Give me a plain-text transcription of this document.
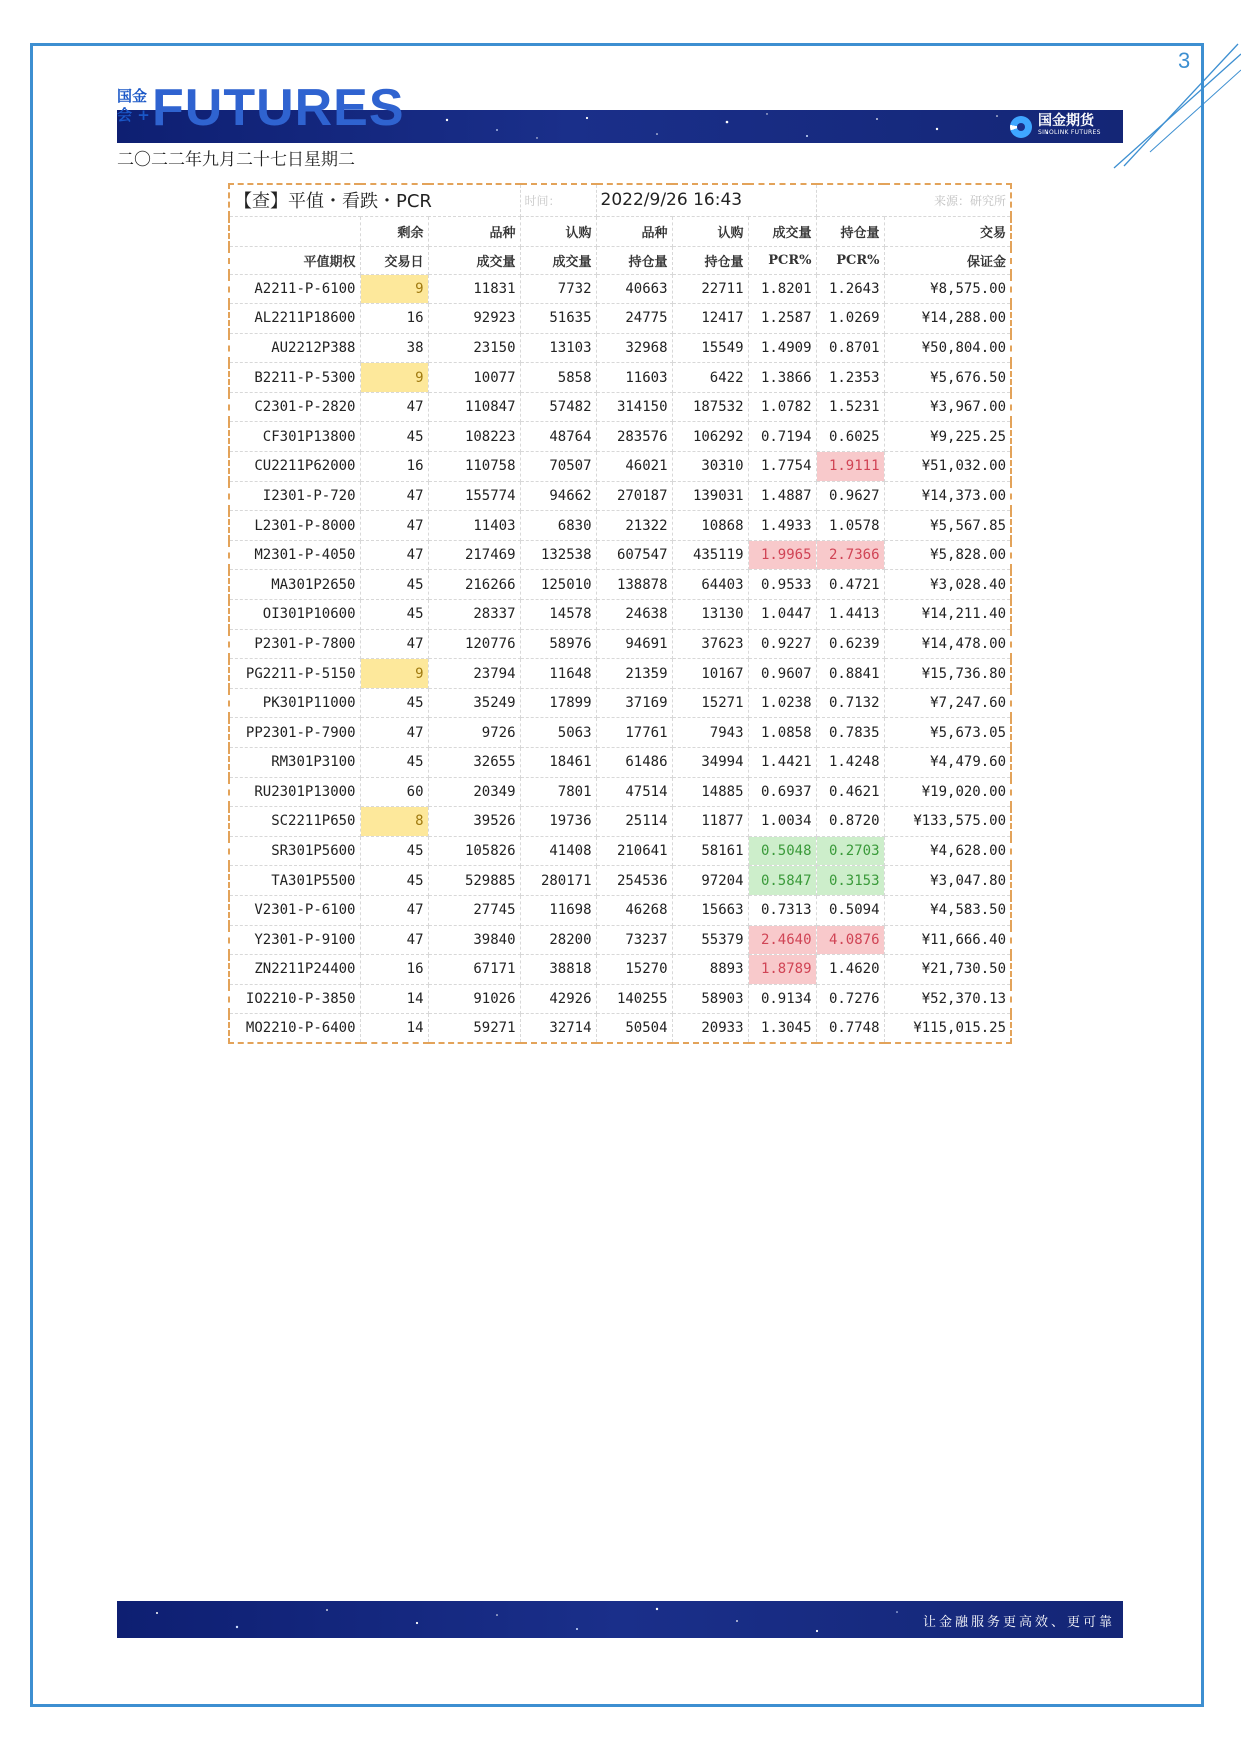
3
国金
会 + FUTURES	国金期货
SINOLINK FUTURES
二〇二二年九月二十七日星期二
【查】平值・看跌・PCR			时间：	2022/9/26 16:43			来源：研究所	
	剩余	品种	认购	品种	认购	成交量	持仓量	交易
平值期权	交易日	成交量	成交量	持仓量	持仓量	PCR%	PCR%	保证金
A2211-P-6100	9	11831	7732	40663	22711	1.8201	1.2643	¥8,575.00
AL2211P18600	16	92923	51635	24775	12417	1.2587	1.0269	¥14,288.00
AU2212P388	38	23150	13103	32968	15549	1.4909	0.8701	¥50,804.00
B2211-P-5300	9	10077	5858	11603	6422	1.3866	1.2353	¥5,676.50
C2301-P-2820	47	110847	57482	314150	187532	1.0782	1.5231	¥3,967.00
CF301P13800	45	108223	48764	283576	106292	0.7194	0.6025	¥9,225.25
CU2211P62000	16	110758	70507	46021	30310	1.7754	1.9111	¥51,032.00
I2301-P-720	47	155774	94662	270187	139031	1.4887	0.9627	¥14,373.00
L2301-P-8000	47	11403	6830	21322	10868	1.4933	1.0578	¥5,567.85
M2301-P-4050	47	217469	132538	607547	435119	1.9965	2.7366	¥5,828.00
MA301P2650	45	216266	125010	138878	64403	0.9533	0.4721	¥3,028.40
OI301P10600	45	28337	14578	24638	13130	1.0447	1.4413	¥14,211.40
P2301-P-7800	47	120776	58976	94691	37623	0.9227	0.6239	¥14,478.00
PG2211-P-5150	9	23794	11648	21359	10167	0.9607	0.8841	¥15,736.80
PK301P11000	45	35249	17899	37169	15271	1.0238	0.7132	¥7,247.60
PP2301-P-7900	47	9726	5063	17761	7943	1.0858	0.7835	¥5,673.05
RM301P3100	45	32655	18461	61486	34994	1.4421	1.4248	¥4,479.60
RU2301P13000	60	20349	7801	47514	14885	0.6937	0.4621	¥19,020.00
SC2211P650	8	39526	19736	25114	11877	1.0034	0.8720	¥133,575.00
SR301P5600	45	105826	41408	210641	58161	0.5048	0.2703	¥4,628.00
TA301P5500	45	529885	280171	254536	97204	0.5847	0.3153	¥3,047.80
V2301-P-6100	47	27745	11698	46268	15663	0.7313	0.5094	¥4,583.50
Y2301-P-9100	47	39840	28200	73237	55379	2.4640	4.0876	¥11,666.40
ZN2211P24400	16	67171	38818	15270	8893	1.8789	1.4620	¥21,730.50
IO2210-P-3850	14	91026	42926	140255	58903	0.9134	0.7276	¥52,370.13
MO2210-P-6400	14	59271	32714	50504	20933	1.3045	0.7748	¥115,015.25
让金融服务更高效、更可靠
